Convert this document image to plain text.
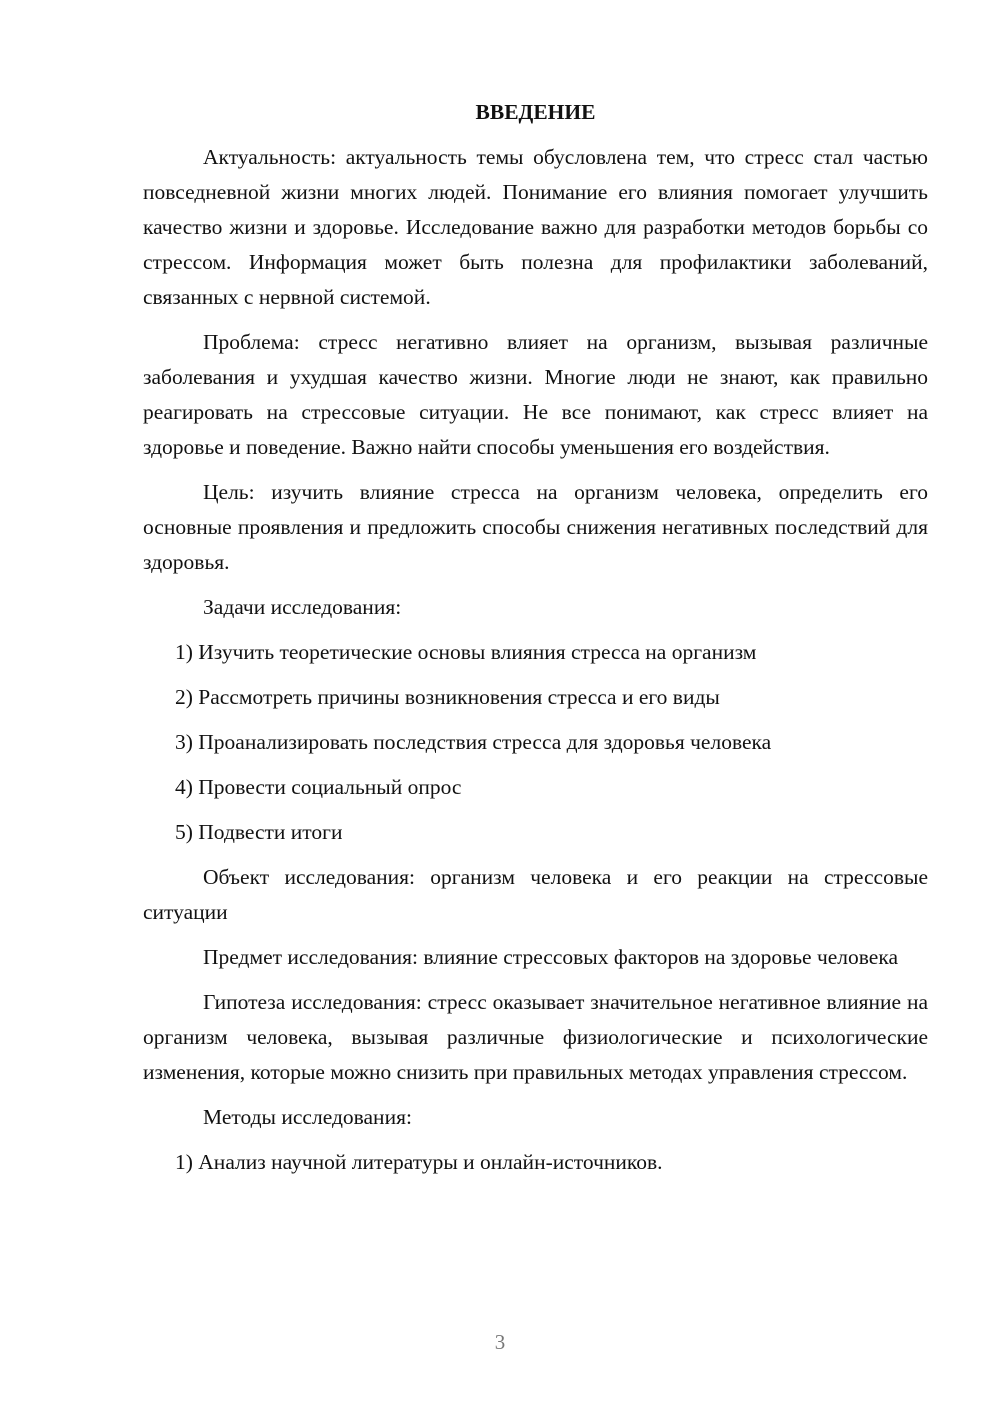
ВВЕДЕНИЕ

Актуальность: актуальность темы обусловлена тем, что стресс стал частью повседневной жизни многих людей. Понимание его влияния помогает улучшить качество жизни и здоровье. Исследование важно для разработки методов борьбы со стрессом. Информация может быть полезна для профилактики заболеваний, связанных с нервной системой.

Проблема: стресс негативно влияет на организм, вызывая различные заболевания и ухудшая качество жизни. Многие люди не знают, как правильно реагировать на стрессовые ситуации. Не все понимают, как стресс влияет на здоровье и поведение. Важно найти способы уменьшения его воздействия.

Цель: изучить влияние стресса на организм человека, определить его основные проявления и предложить способы снижения негативных последствий для здоровья.

Задачи исследования:

1) Изучить теоретические основы влияния стресса на организм
2) Рассмотреть причины возникновения стресса и его виды
3) Проанализировать последствия стресса для здоровья человека
4) Провести социальный опрос
5) Подвести итоги

Объект исследования: организм человека и его реакции на стрессовые ситуации

Предмет исследования: влияние стрессовых факторов на здоровье человека

Гипотеза исследования: стресс оказывает значительное негативное влияние на организм человека, вызывая различные физиологические и психологические изменения, которые можно снизить при правильных методах управления стрессом.

Методы исследования:

1) Анализ научной литературы и онлайн-источников.
3
